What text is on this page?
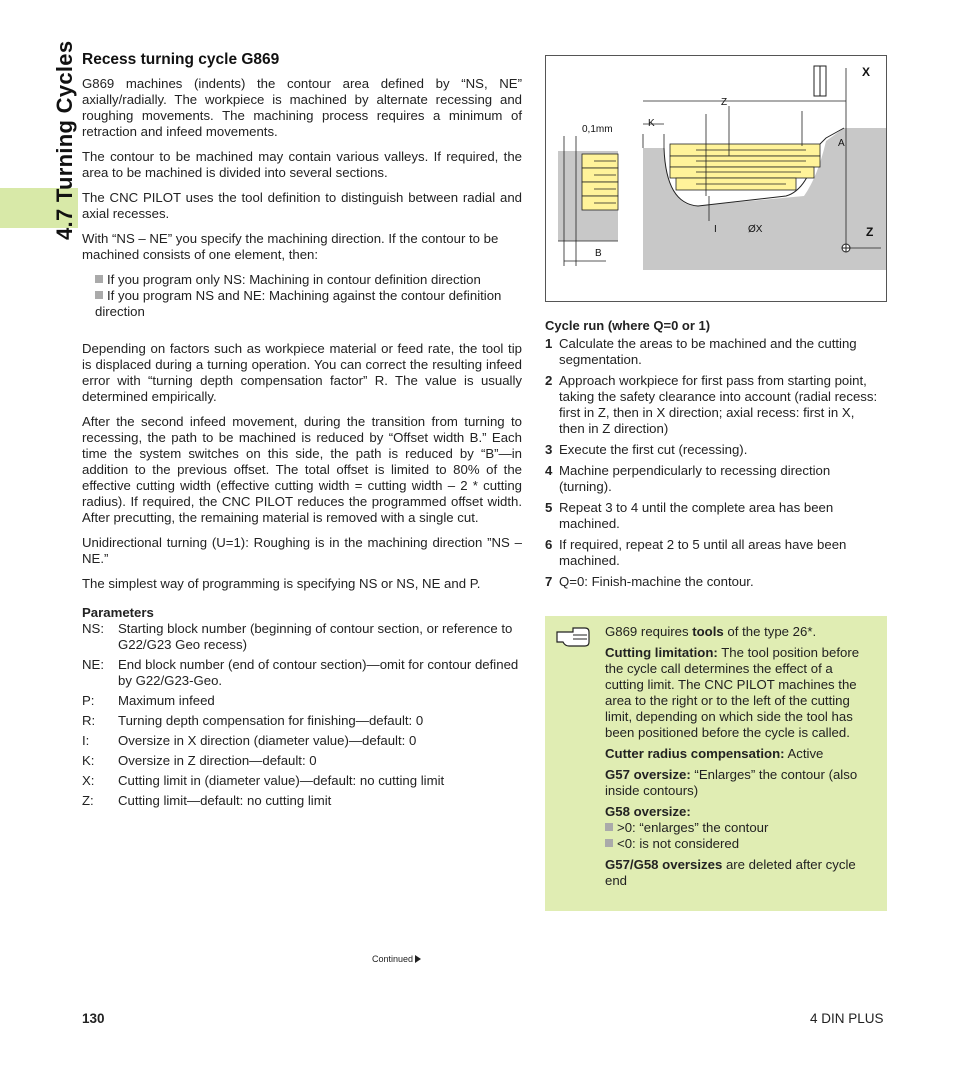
4.7 Turning Cycles Recess turning cycle G869

G869 machines (indents) the contour area defined by “NS, NE” axially/radially. The workpiece is machined by alternate recessing and roughing movements. The machining process requires a minimum of retraction and infeed movements.

The contour to be machined may contain various valleys. If required, the area to be machined is divided into several sections.

The CNC PILOT uses the tool definition to distinguish between radial and axial recesses.

With “NS – NE” you specify the machining direction. If the contour to be machined consists of one element, then:

If you program only NS: Machining in contour definition direction

If you program NS and NE: Machining against the contour definition direction

Depending on factors such as workpiece material or feed rate, the tool tip is displaced during a turning operation. You can correct the resulting infeed error with “turning depth compensation factor” R. The value is usually determined empirically.

After the second infeed movement, during the transition from turning to recessing, the path to be machined is reduced by “Offset width B.” Each time the system switches on this side, the path is reduced by “B”—in addition to the previous offset. The total offset is limited to 80% of the effective cutting width (effective cutting width = cutting width – 2 * cutting radius). If required, the CNC PILOT reduces the programmed offset width. After precutting, the remaining material is removed with a single cut.

Unidirectional turning (U=1): Roughing is in the machining direction ”NS – NE.”

The simplest way of programming is specifying NS or NS, NE and P.

Parameters

NS:	Starting block number (beginning of contour section, or reference to G22/G23 Geo recess)
NE:	End block number (end of contour section)—omit for contour defined by G22/G23-Geo.
P:	Maximum infeed
R:	Turning depth compensation for finishing—default: 0
I:	Oversize in X direction (diameter value)—default: 0
K:	Oversize in Z direction—default: 0
X:	Cutting limit in (diameter value)—default: no cutting limit
Z:	Cutting limit—default: no cutting limit
X
Z
Z
K
A
0,1mm
B
I	ØX

Cycle run (where Q=0 or 1)

1 Calculate the areas to be machined and the cutting segmentation.
2 Approach workpiece for first pass from starting point, taking the safety clearance into account (radial recess: first in Z, then in X direction; axial recess: first in X, then in Z direction)
3 Execute the first cut (recessing).
4 Machine perpendicularly to recessing direction (turning).
5 Repeat 3 to 4 until the complete area has been machined.
6 If required, repeat 2 to 5 until all areas have been machined.
7 Q=0: Finish-machine the contour.

G869 requires tools of the type 26*.

Cutting limitation: The tool position before the cycle call determines the effect of a cutting limit. The CNC PILOT machines the area to the right or to the left of the cutting limit, depending on which side the tool has been positioned before the cycle is called.

Cutter radius compensation: Active

G57 oversize: “Enlarges” the contour (also inside contours)

G58 oversize:

>0: “enlarges” the contour

<0: is not considered

G57/G58 oversizes are deleted after cycle end

Continued
130	4 DIN PLUS
